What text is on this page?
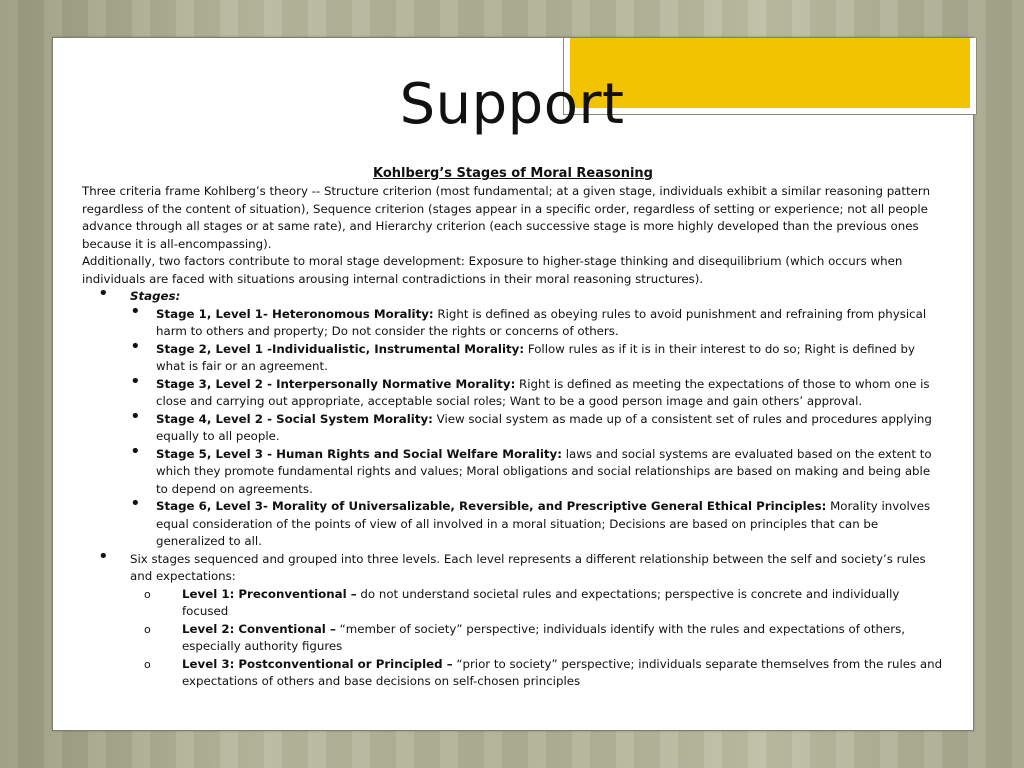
Support
Kohlberg’s Stages of Moral Reasoning

Three criteria frame Kohlberg’s theory -- Structure criterion (most fundamental; at a given stage, individuals exhibit a similar reasoning pattern regardless of the content of situation), Sequence criterion (stages appear in a specific order, regardless of setting or experience; not all people advance through all stages or at same rate), and Hierarchy criterion (each successive stage is more highly developed than the previous ones because it is all-encompassing).

Additionally, two factors contribute to moral stage development: Exposure to higher-stage thinking and disequilibrium (which occurs when individuals are faced with situations arousing internal contradictions in their moral reasoning structures).

• Stages:
• Stage 1, Level 1- Heteronomous Morality: Right is defined as obeying rules to avoid punishment and refraining from physical harm to others and property; Do not consider the rights or concerns of others.
• Stage 2, Level 1 -Individualistic, Instrumental Morality: Follow rules as if it is in their interest to do so; Right is defined by what is fair or an agreement.
• Stage 3, Level 2 - Interpersonally Normative Morality: Right is defined as meeting the expectations of those to whom one is close and carrying out appropriate, acceptable social roles; Want to be a good person image and gain others’ approval.
• Stage 4, Level 2 - Social System Morality: View social system as made up of a consistent set of rules and procedures applying equally to all people.
• Stage 5, Level 3 - Human Rights and Social Welfare Morality: laws and social systems are evaluated based on the extent to which they promote fundamental rights and values; Moral obligations and social relationships are based on making and being able to depend on agreements.
• Stage 6, Level 3- Morality of Universalizable, Reversible, and Prescriptive General Ethical Principles: Morality involves equal consideration of the points of view of all involved in a moral situation; Decisions are based on principles that can be generalized to all.
• Six stages sequenced and grouped into three levels. Each level represents a different relationship between the self and society’s rules and expectations:
o Level 1: Preconventional – do not understand societal rules and expectations; perspective is concrete and individually focused
o Level 2: Conventional – “member of society” perspective; individuals identify with the rules and expectations of others, especially authority figures
o Level 3: Postconventional or Principled – “prior to society” perspective; individuals separate themselves from the rules and expectations of others and base decisions on self-chosen principles
